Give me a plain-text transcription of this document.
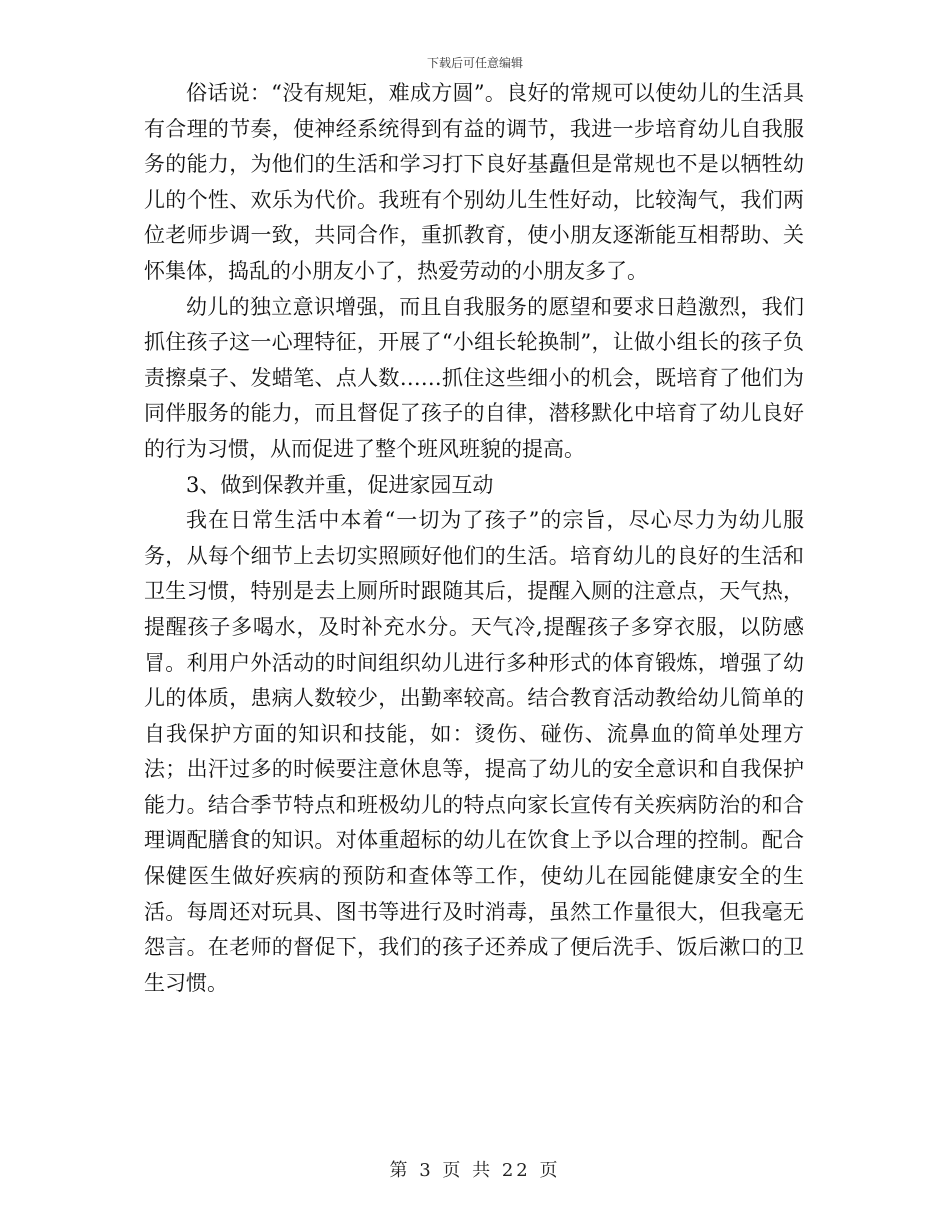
下载后可任意编辑

俗话说：“没有规矩，难成方圆”。良好的常规可以使幼儿的生活具有合理的节奏，使神经系统得到有益的调节，我进一步培育幼儿自我服务的能力，为他们的生活和学习打下良好基矗但是常规也不是以牺牲幼儿的个性、欢乐为代价。我班有个别幼儿生性好动，比较淘气，我们两位老师步调一致，共同合作，重抓教育，使小朋友逐渐能互相帮助、关怀集体，捣乱的小朋友小了，热爱劳动的小朋友多了。

幼儿的独立意识增强，而且自我服务的愿望和要求日趋激烈，我们抓住孩子这一心理特征，开展了“小组长轮换制”，让做小组长的孩子负责擦桌子、发蜡笔、点人数……抓住这些细小的机会，既培育了他们为同伴服务的能力，而且督促了孩子的自律，潜移默化中培育了幼儿良好的行为习惯，从而促进了整个班风班貌的提高。

3、做到保教并重，促进家园互动

我在日常生活中本着“一切为了孩子”的宗旨，尽心尽力为幼儿服务，从每个细节上去切实照顾好他们的生活。培育幼儿的良好的生活和卫生习惯，特别是去上厕所时跟随其后，提醒入厕的注意点，天气热，提醒孩子多喝水，及时补充水分。天气冷,提醒孩子多穿衣服，以防感冒。利用户外活动的时间组织幼儿进行多种形式的体育锻炼，增强了幼儿的体质，患病人数较少，出勤率较高。结合教育活动教给幼儿简单的自我保护方面的知识和技能，如：烫伤、碰伤、流鼻血的简单处理方法；出汗过多的时候要注意休息等，提高了幼儿的安全意识和自我保护能力。结合季节特点和班极幼儿的特点向家长宣传有关疾病防治的和合理调配膳食的知识。对体重超标的幼儿在饮食上予以合理的控制。配合保健医生做好疾病的预防和查体等工作，使幼儿在园能健康安全的生活。每周还对玩具、图书等进行及时消毒，虽然工作量很大，但我毫无怨言。在老师的督促下，我们的孩子还养成了便后洗手、饭后漱口的卫生习惯。

第 3 页 共 22 页
